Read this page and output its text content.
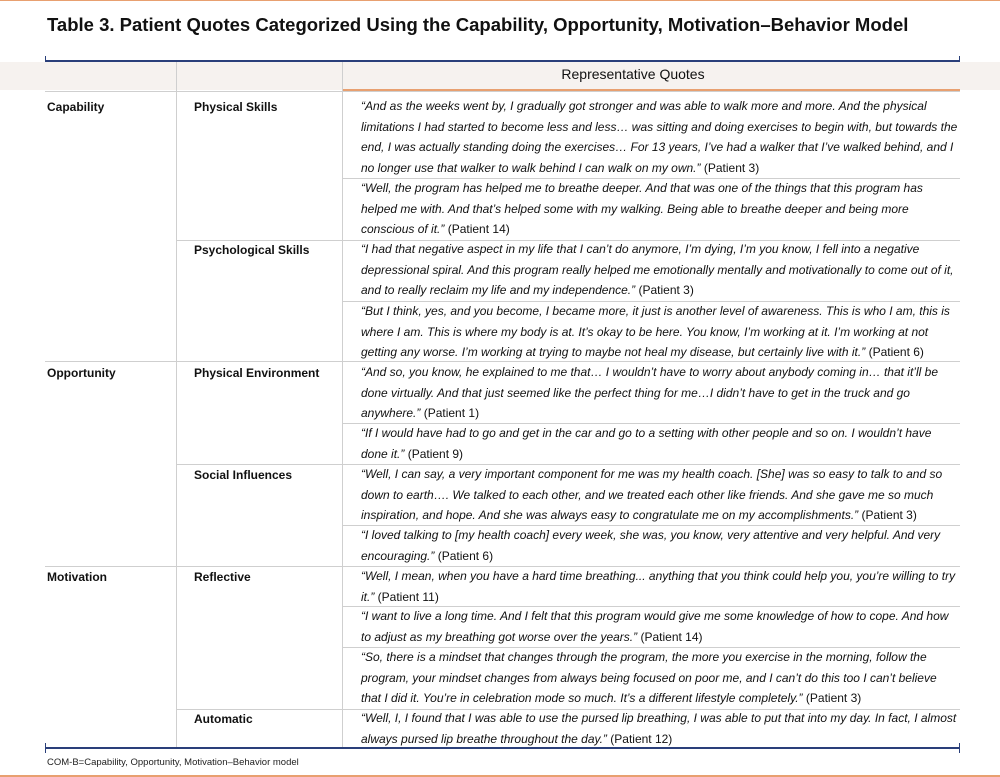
Table 3. Patient Quotes Categorized Using the Capability, Opportunity, Motivation–Behavior Model
Representative Quotes
Capability
Opportunity
Motivation
Physical Skills
Psychological Skills
Physical Environment
Social Influences
Reflective
Automatic
“And as the weeks went by, I gradually got stronger and was able to walk more and more. And the physical limitations I had started to become less and less… was sitting and doing exercises to begin with, but towards the end, I was actually standing doing the exercises… For 13 years, I’ve had a walker that I’ve walked behind, and I no longer use that walker to walk behind I can walk on my own.” (Patient 3)
“Well, the program has helped me to breathe deeper. And that was one of the things that this program has helped me with. And that’s helped some with my walking. Being able to breathe deeper and being more conscious of it.” (Patient 14)
“I had that negative aspect in my life that I can’t do anymore, I’m dying, I’m you know, I fell into a negative depressional spiral. And this program really helped me emotionally mentally and motivationally to come out of it, and to really reclaim my life and my independence.” (Patient 3)
“But I think, yes, and you become, I became more, it just is another level of awareness. This is who I am, this is where I am. This is where my body is at. It’s okay to be here. You know, I’m working at it. I’m working at not getting any worse. I’m working at trying to maybe not heal my disease, but certainly live with it.” (Patient 6)
“And so, you know, he explained to me that… I wouldn’t have to worry about anybody coming in… that it’ll be done virtually. And that just seemed like the perfect thing for me…I didn’t have to get in the truck and go anywhere.” (Patient 1)
“If I would have had to go and get in the car and go to a setting with other people and so on. I wouldn’t have done it.” (Patient 9)
“Well, I can say, a very important component for me was my health coach. [She] was so easy to talk to and so down to earth…. We talked to each other, and we treated each other like friends. And she gave me so much inspiration, and hope. And she was always easy to congratulate me on my accomplishments.” (Patient 3)
“I loved talking to [my health coach] every week, she was, you know, very attentive and very helpful. And very encouraging.” (Patient 6)
“Well, I mean, when you have a hard time breathing... anything that you think could help you, you’re willing to try it.” (Patient 11)
“I want to live a long time. And I felt that this program would give me some knowledge of how to cope. And how to adjust as my breathing got worse over the years.” (Patient 14)
“So, there is a mindset that changes through the program, the more you exercise in the morning, follow the program, your mindset changes from always being focused on poor me, and I can’t do this too I can’t believe that I did it. You’re in celebration mode so much. It’s a different lifestyle completely.” (Patient 3)
“Well, I, I found that I was able to use the pursed lip breathing, I was able to put that into my day. In fact, I almost always pursed lip breathe throughout the day.” (Patient 12)
COM-B=Capability, Opportunity, Motivation–Behavior model
